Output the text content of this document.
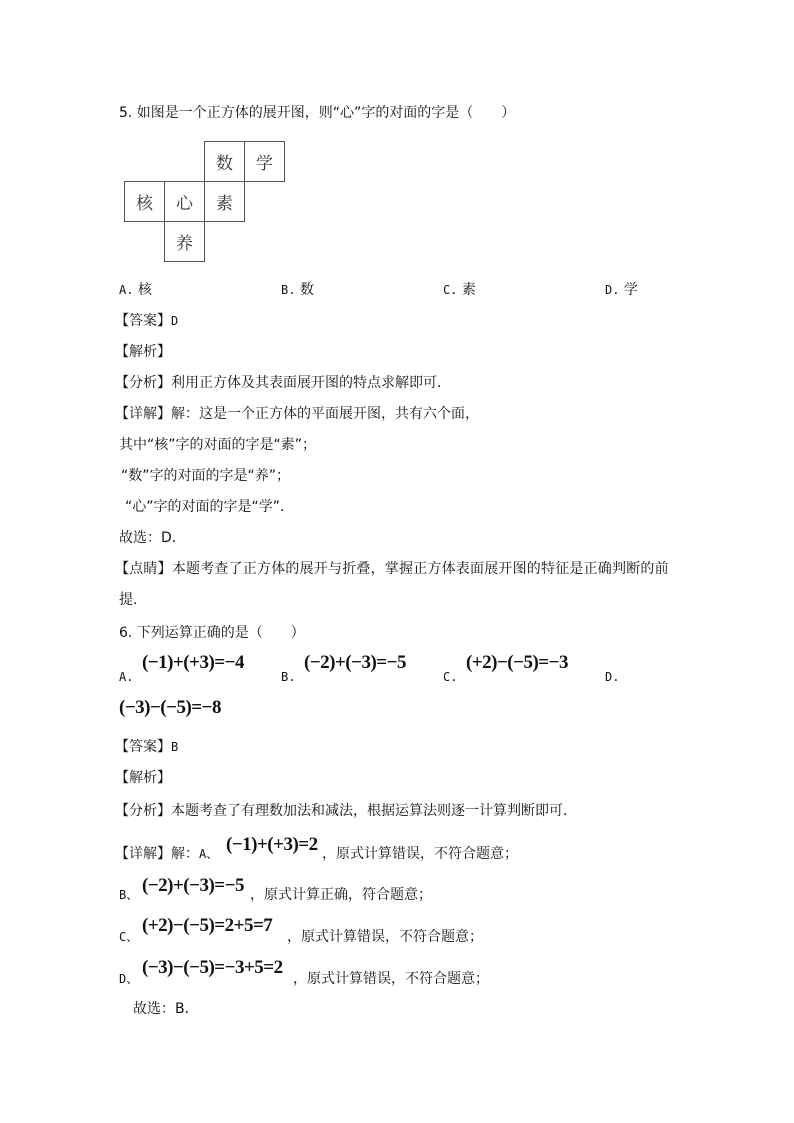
5. 如图是一个正方体的展开图，则“心”字的对面的字是（　　）
数	学
核	心	素
养
A. 核	B. 数	C. 素	D. 学
【答案】D
【解析】
【分析】利用正方体及其表面展开图的特点求解即可．
【详解】解：这是一个正方体的平面展开图，共有六个面，
其中“核”字的对面的字是“素”；
“数”字的对面的字是“养”；
“心”字的对面的字是“学”．
故选：D．
【点睛】本题考查了正方体的展开与折叠，掌握正方体表面展开图的特征是正确判断的前
提．
6. 下列运算正确的是（　　）
A.
(−1)+(+3)=−4
B.
(−2)+(−3)=−5
C.
(+2)−(−5)=−3
D.
(−3)−(−5)=−8
【答案】B
【解析】
【分析】本题考查了有理数加法和减法，根据运算法则逐一计算判断即可．
【详解】解：A、 (−1)+(+3)=2 ，原式计算错误，不符合题意；
B、 (−2)+(−3)=−5 ，原式计算正确，符合题意；
C、
(+2)−(−5)=2+5=7
，原式计算错误，不符合题意；
D、
(−3)−(−5)=−3+5=2
，原式计算错误，不符合题意；
故选：B．
